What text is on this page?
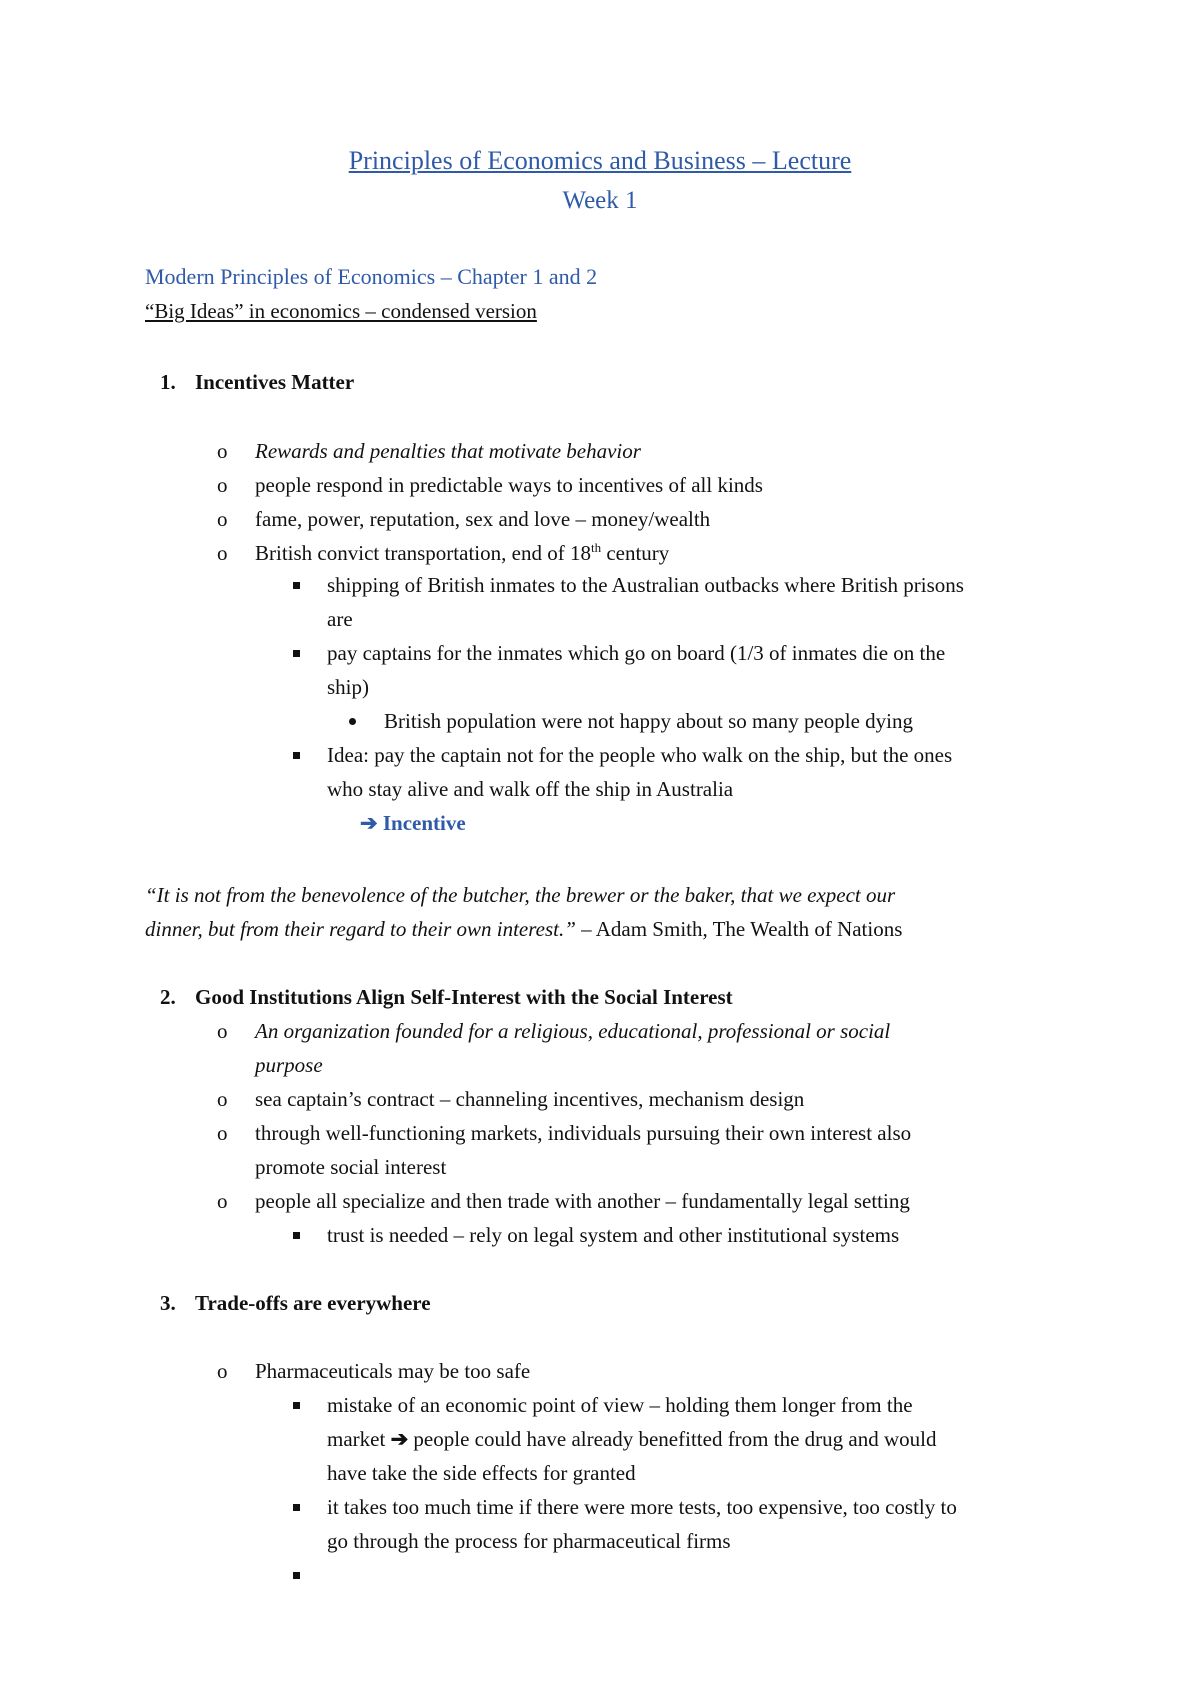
Principles of Economics and Business – Lecture
Week 1
Modern Principles of Economics – Chapter 1 and 2
“Big Ideas” in economics – condensed version
1. Incentives Matter
o Rewards and penalties that motivate behavior
o people respond in predictable ways to incentives of all kinds
o fame, power, reputation, sex and love – money/wealth
o British convict transportation, end of 18th century
shipping of British inmates to the Australian outbacks where British prisons
are
pay captains for the inmates which go on board (1/3 of inmates die on the
ship)
British population were not happy about so many people dying
Idea: pay the captain not for the people who walk on the ship, but the ones
who stay alive and walk off the ship in Australia
➔ Incentive
“It is not from the benevolence of the butcher, the brewer or the baker, that we expect our
dinner, but from their regard to their own interest.” – Adam Smith, The Wealth of Nations
2. Good Institutions Align Self-Interest with the Social Interest
o An organization founded for a religious, educational, professional or social
purpose
o sea captain’s contract – channeling incentives, mechanism design
o through well-functioning markets, individuals pursuing their own interest also
promote social interest
o people all specialize and then trade with another – fundamentally legal setting
trust is needed – rely on legal system and other institutional systems
3. Trade-offs are everywhere
o Pharmaceuticals may be too safe
mistake of an economic point of view – holding them longer from the
market ➔ people could have already benefitted from the drug and would
have take the side effects for granted
it takes too much time if there were more tests, too expensive, too costly to
go through the process for pharmaceutical firms
